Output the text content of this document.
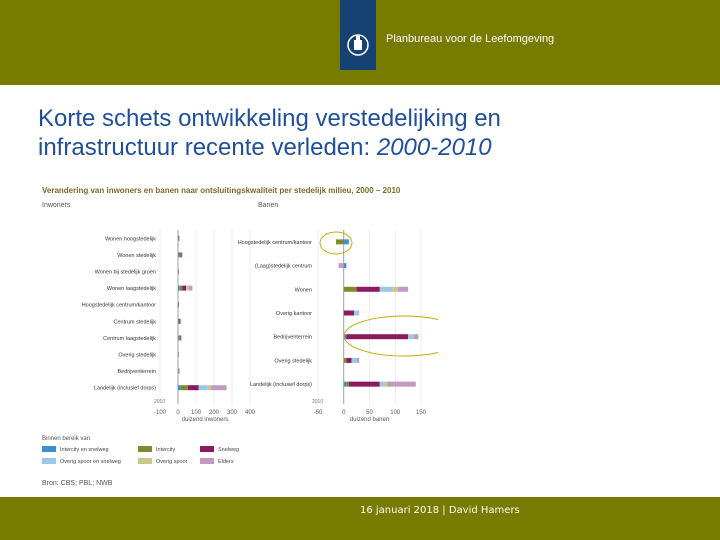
Planbureau voor de Leefomgeving
Korte schets ontwikkeling verstedelijking en
infrastructuur recente verleden: 2000-2010
Verandering van inwoners en banen naar ontsluitingskwaliteit per stedelijk milieu, 2000 – 2010
Inwoners	Banen
-100 0 100 200 300 400
duizend inwoners
2010
Wonen hoogstedelijk
Wonen stedelijk
Wonen bij stedelijk groen
Wonen laagstedelijk
Hoogstedelijk centrum/kantoor
Centrum stedelijk
Centrum laagstedelijk
Overig stedelijk
Bedrijventerrein
Landelijk (inclusief dorps)
-50	0	50	100	150
duizend banen
2010
Hoogstedelijk centrum/kantoor
(Laag)stedelijk centrum
Wonen
Overig kantoor
Bedrijventerrein
Overig stedelijk
Landelijk (inclusief dorps)
Binnen bereik van
Intercity en snelweg	Intercity	Snelweg
Overig spoor en snelweg	Overig spoor	Elders
Bron: CBS; PBL; NWB
16 januari 2018 | David Hamers
